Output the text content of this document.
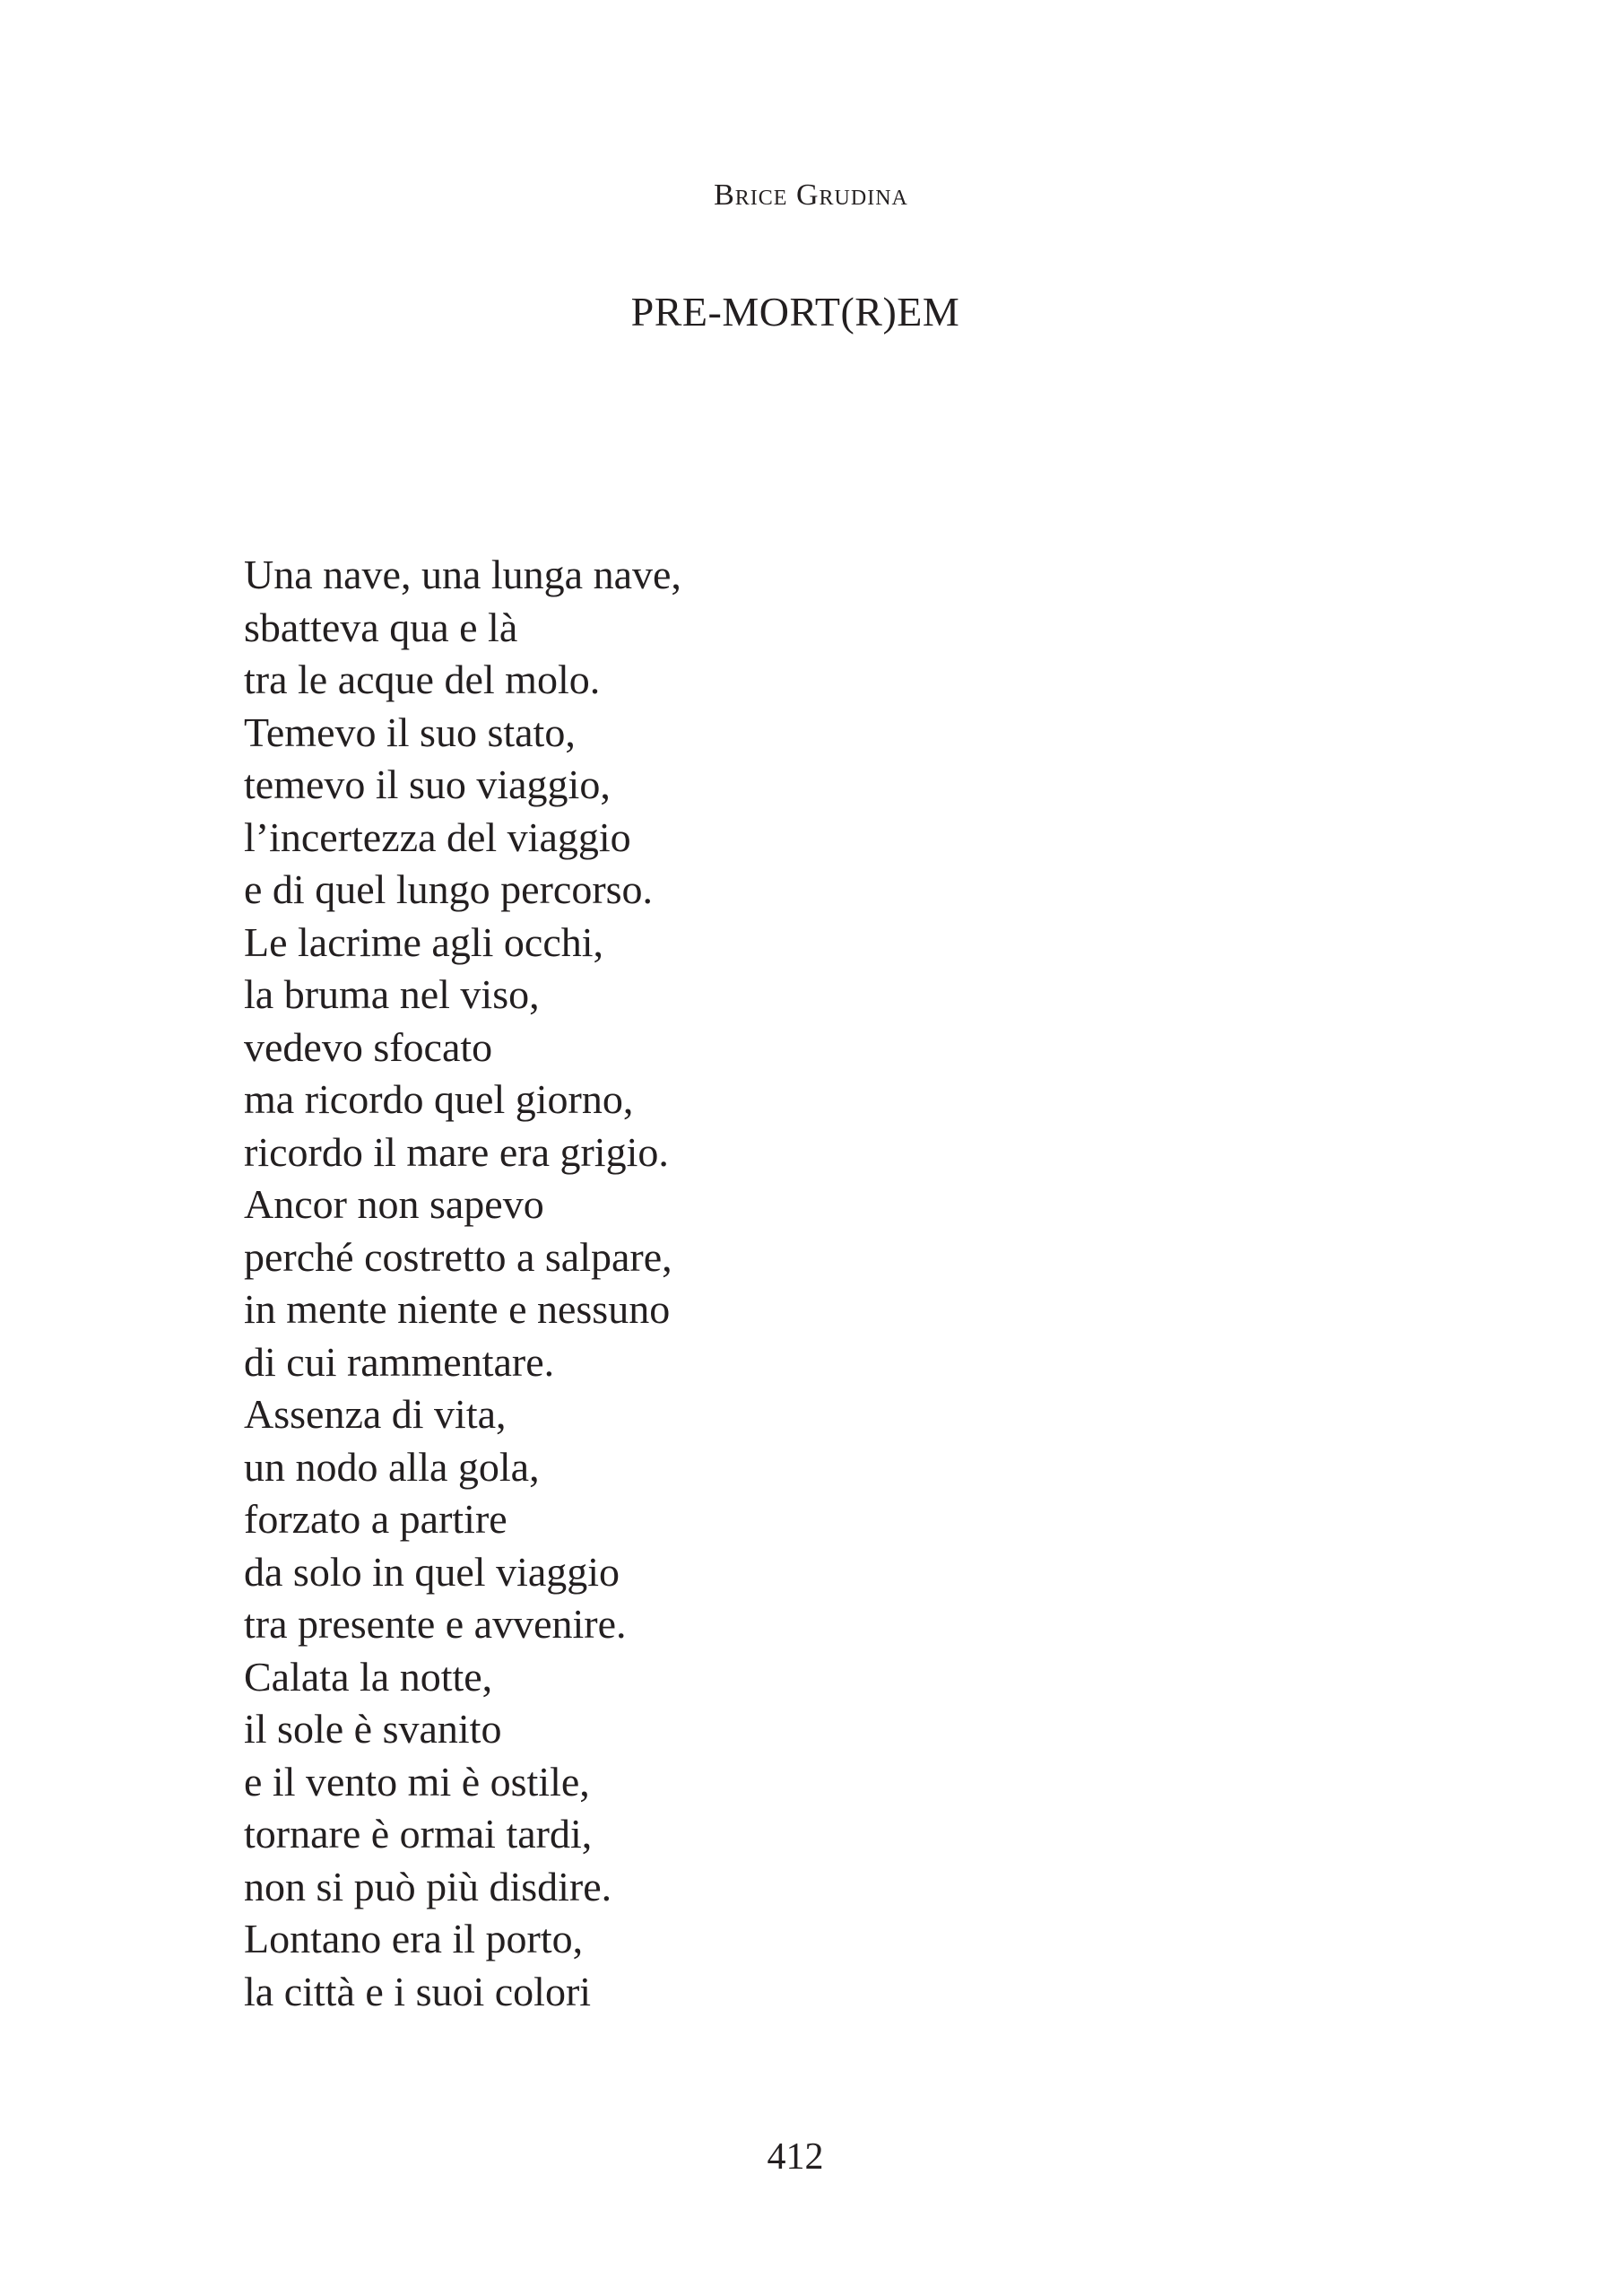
Brice Grudina
PRE-MORT(R)EM
Una nave, una lunga nave,
sbatteva qua e là
tra le acque del molo.
Temevo il suo stato,
temevo il suo viaggio,
l’incertezza del viaggio
e di quel lungo percorso.
Le lacrime agli occhi,
la bruma nel viso,
vedevo sfocato
ma ricordo quel giorno,
ricordo il mare era grigio.
Ancor non sapevo
perché costretto a salpare,
in mente niente e nessuno
di cui rammentare.
Assenza di vita,
un nodo alla gola,
forzato a partire
da solo in quel viaggio
tra presente e avvenire.
Calata la notte,
il sole è svanito
e il vento mi è ostile,
tornare è ormai tardi,
non si può più disdire.
Lontano era il porto,
la città e i suoi colori
412
